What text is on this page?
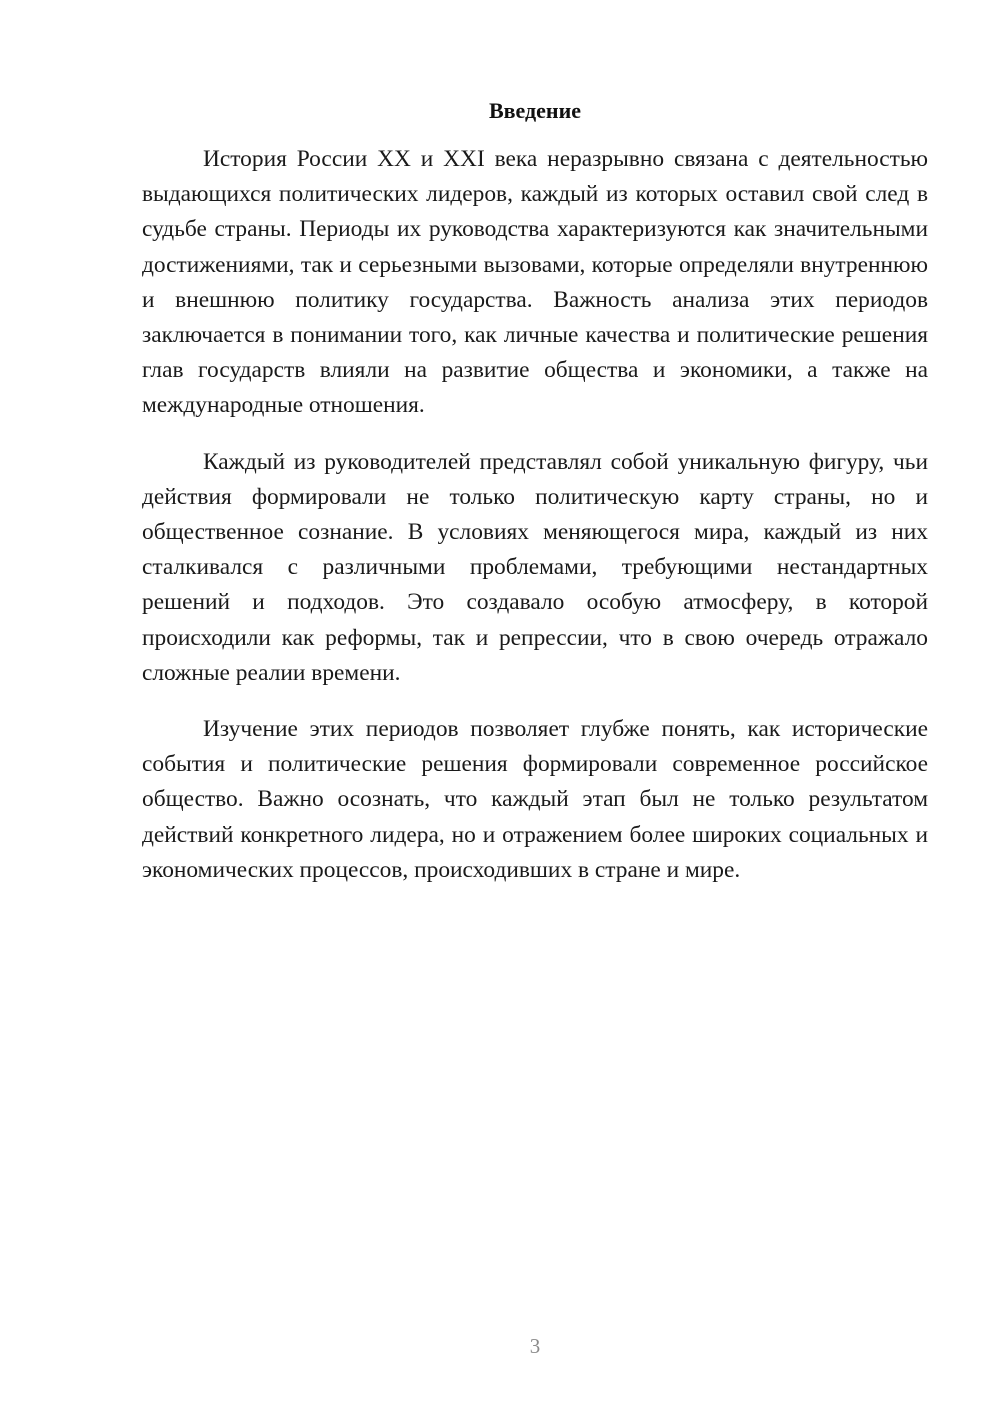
Введение

История России XX и XXI века неразрывно связана с деятельностью выдающихся политических лидеров, каждый из которых оставил свой след в судьбе страны. Периоды их руководства характеризуются как значительными достижениями, так и серьезными вызовами, которые определяли внутреннюю и внешнюю политику государства. Важность анализа этих периодов заключается в понимании того, как личные качества и политические решения глав государств влияли на развитие общества и экономики, а также на международные отношения.

Каждый из руководителей представлял собой уникальную фигуру, чьи действия формировали не только политическую карту страны, но и общественное сознание. В условиях меняющегося мира, каждый из них сталкивался с различными проблемами, требующими нестандартных решений и подходов. Это создавало особую атмосферу, в которой происходили как реформы, так и репрессии, что в свою очередь отражало сложные реалии времени.

Изучение этих периодов позволяет глубже понять, как исторические события и политические решения формировали современное российское общество. Важно осознать, что каждый этап был не только результатом действий конкретного лидера, но и отражением более широких социальных и экономических процессов, происходивших в стране и мире.

3
